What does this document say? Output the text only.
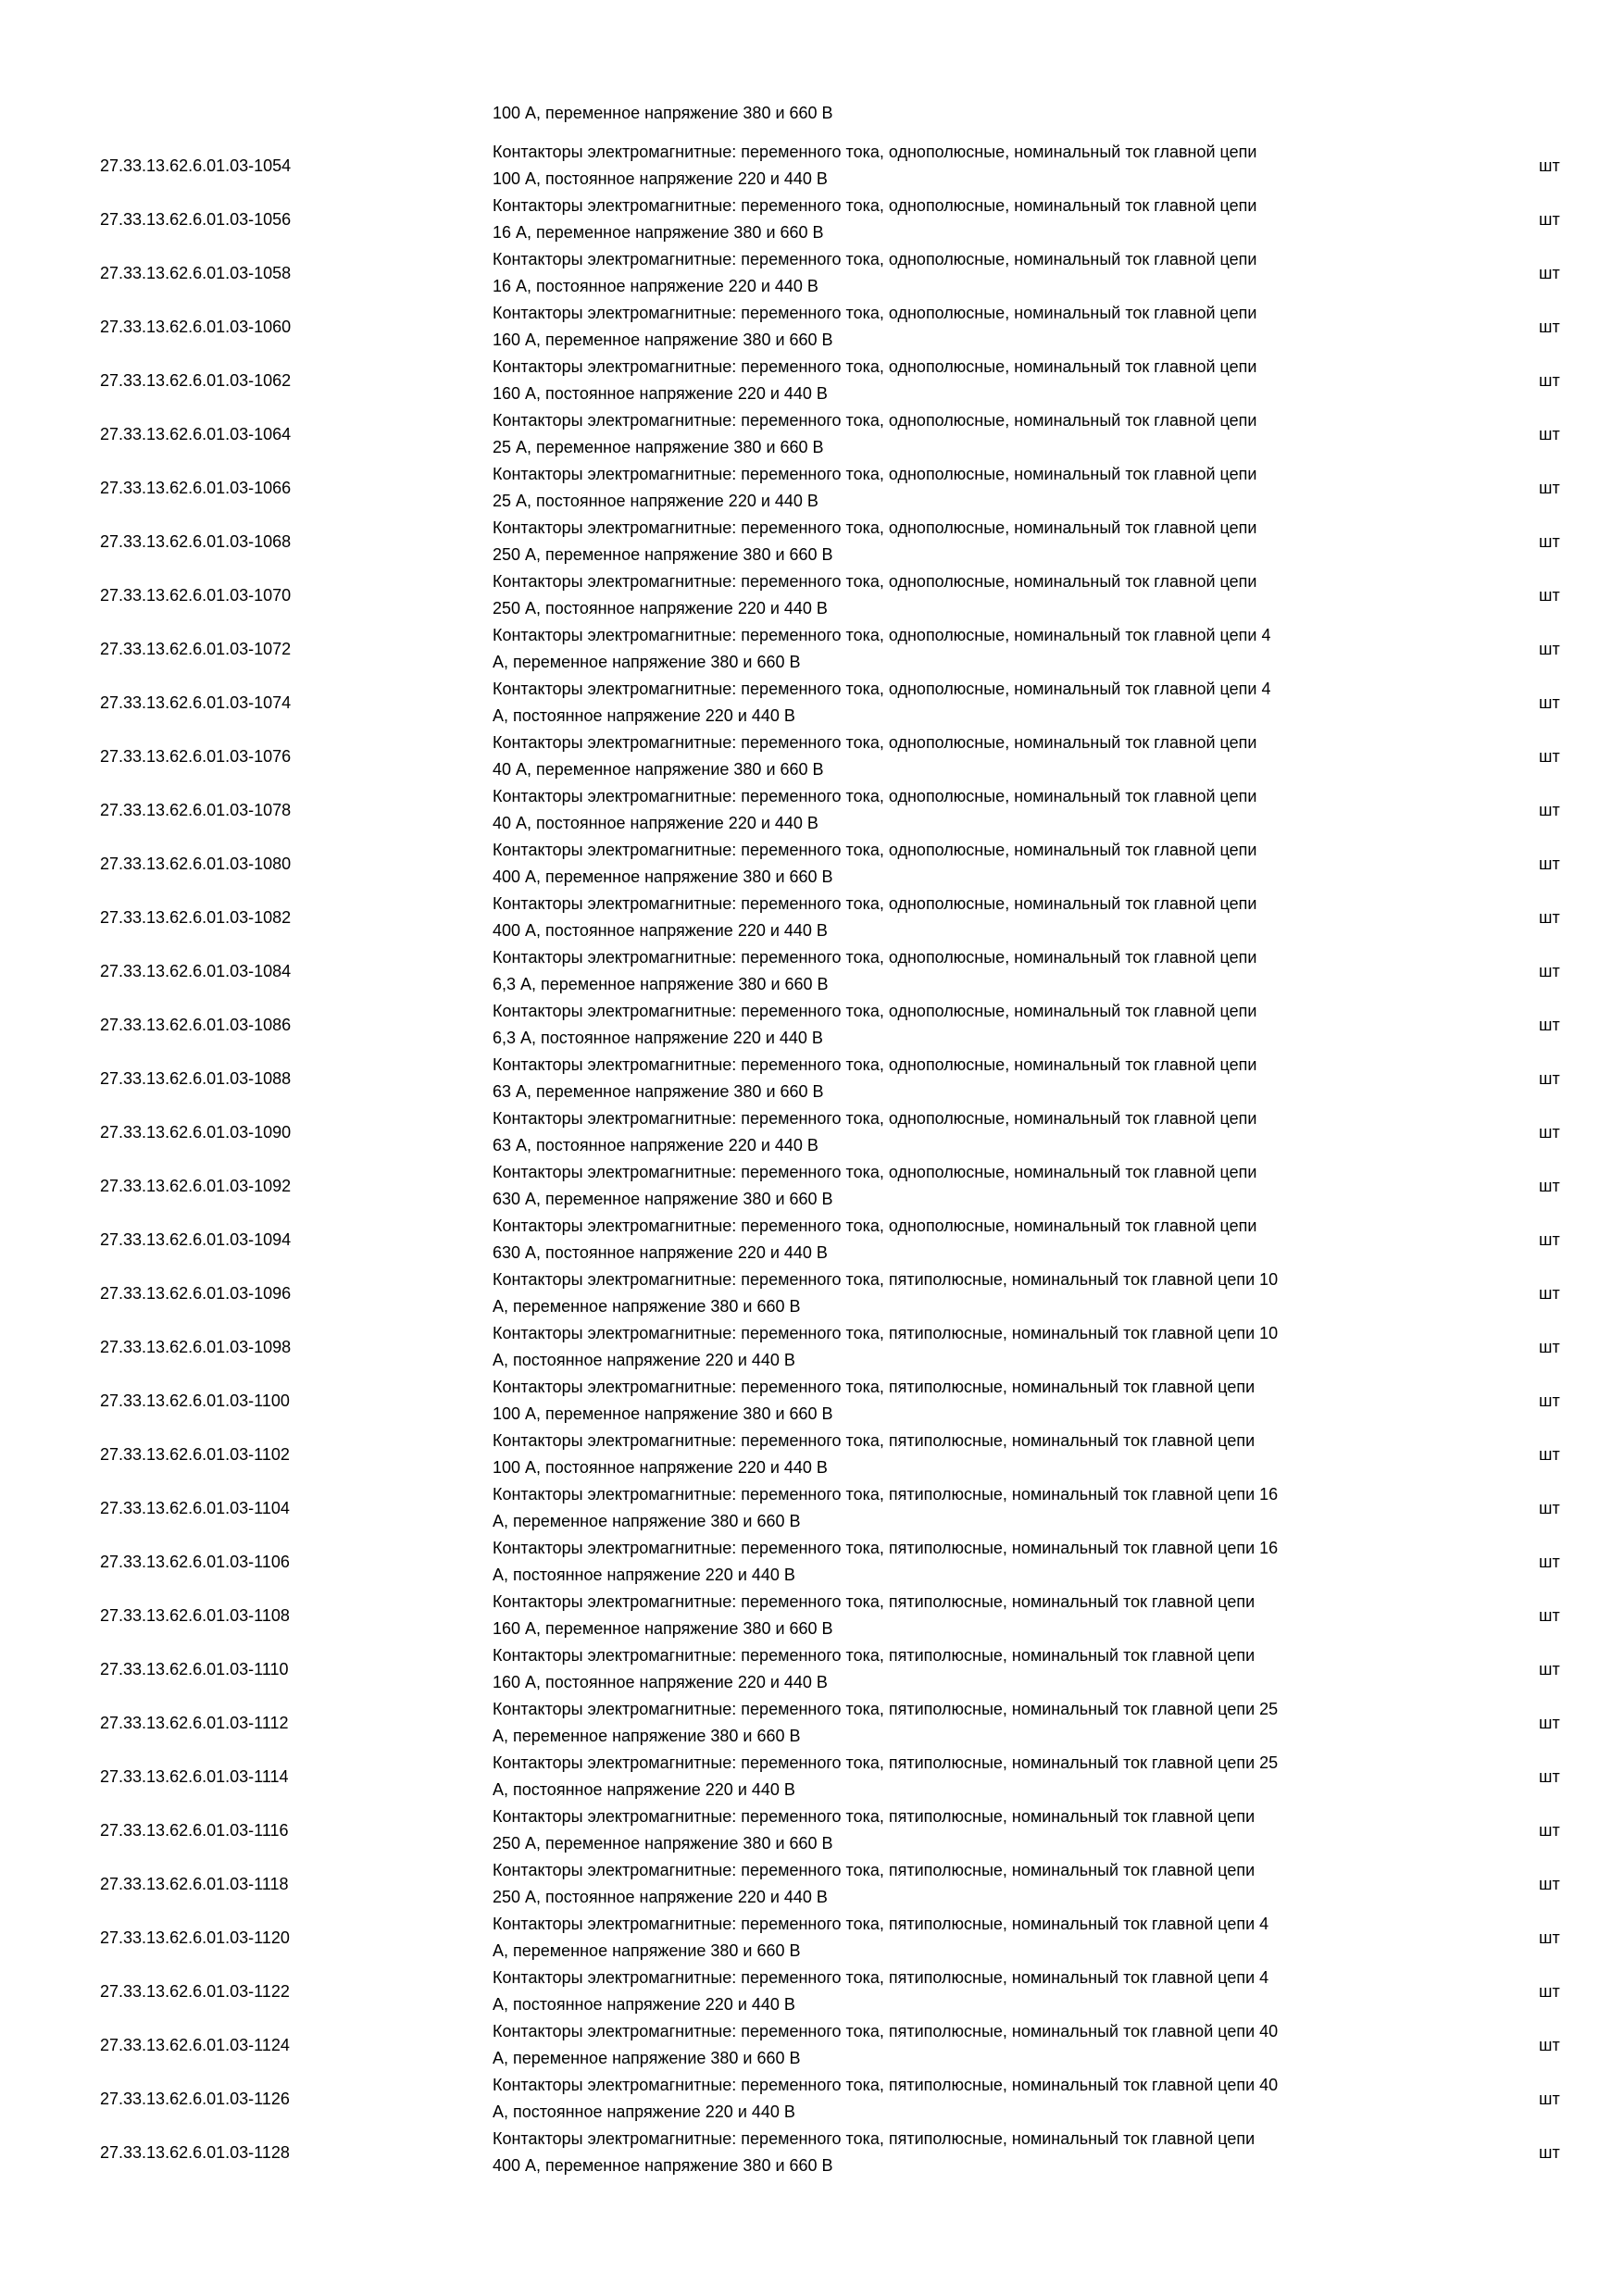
100 А, переменное напряжение 380 и 660 В
27.33.13.62.6.01.03-1054
Контакторы электромагнитные: переменного тока, однополюсные, номинальный ток главной цепи
100 А, постоянное напряжение 220 и 440 В
шт
27.33.13.62.6.01.03-1056
Контакторы электромагнитные: переменного тока, однополюсные, номинальный ток главной цепи
16 А, переменное напряжение 380 и 660 В
шт
27.33.13.62.6.01.03-1058
Контакторы электромагнитные: переменного тока, однополюсные, номинальный ток главной цепи
16 А, постоянное напряжение 220 и 440 В
шт
27.33.13.62.6.01.03-1060
Контакторы электромагнитные: переменного тока, однополюсные, номинальный ток главной цепи
160 А, переменное напряжение 380 и 660 В
шт
27.33.13.62.6.01.03-1062
Контакторы электромагнитные: переменного тока, однополюсные, номинальный ток главной цепи
160 А, постоянное напряжение 220 и 440 В
шт
27.33.13.62.6.01.03-1064
Контакторы электромагнитные: переменного тока, однополюсные, номинальный ток главной цепи
25 А, переменное напряжение 380 и 660 В
шт
27.33.13.62.6.01.03-1066
Контакторы электромагнитные: переменного тока, однополюсные, номинальный ток главной цепи
25 А, постоянное напряжение 220 и 440 В
шт
27.33.13.62.6.01.03-1068
Контакторы электромагнитные: переменного тока, однополюсные, номинальный ток главной цепи
250 А, переменное напряжение 380 и 660 В
шт
27.33.13.62.6.01.03-1070
Контакторы электромагнитные: переменного тока, однополюсные, номинальный ток главной цепи
250 А, постоянное напряжение 220 и 440 В
шт
27.33.13.62.6.01.03-1072
Контакторы электромагнитные: переменного тока, однополюсные, номинальный ток главной цепи 4
А, переменное напряжение 380 и 660 В
шт
27.33.13.62.6.01.03-1074
Контакторы электромагнитные: переменного тока, однополюсные, номинальный ток главной цепи 4
А, постоянное напряжение 220 и 440 В
шт
27.33.13.62.6.01.03-1076
Контакторы электромагнитные: переменного тока, однополюсные, номинальный ток главной цепи
40 А, переменное напряжение 380 и 660 В
шт
27.33.13.62.6.01.03-1078
Контакторы электромагнитные: переменного тока, однополюсные, номинальный ток главной цепи
40 А, постоянное напряжение 220 и 440 В
шт
27.33.13.62.6.01.03-1080
Контакторы электромагнитные: переменного тока, однополюсные, номинальный ток главной цепи
400 А, переменное напряжение 380 и 660 В
шт
27.33.13.62.6.01.03-1082
Контакторы электромагнитные: переменного тока, однополюсные, номинальный ток главной цепи
400 А, постоянное напряжение 220 и 440 В
шт
27.33.13.62.6.01.03-1084
Контакторы электромагнитные: переменного тока, однополюсные, номинальный ток главной цепи
6,3 А, переменное напряжение 380 и 660 В
шт
27.33.13.62.6.01.03-1086
Контакторы электромагнитные: переменного тока, однополюсные, номинальный ток главной цепи
6,3 А, постоянное напряжение 220 и 440 В
шт
27.33.13.62.6.01.03-1088
Контакторы электромагнитные: переменного тока, однополюсные, номинальный ток главной цепи
63 А, переменное напряжение 380 и 660 В
шт
27.33.13.62.6.01.03-1090
Контакторы электромагнитные: переменного тока, однополюсные, номинальный ток главной цепи
63 А, постоянное напряжение 220 и 440 В
шт
27.33.13.62.6.01.03-1092
Контакторы электромагнитные: переменного тока, однополюсные, номинальный ток главной цепи
630 А, переменное напряжение 380 и 660 В
шт
27.33.13.62.6.01.03-1094
Контакторы электромагнитные: переменного тока, однополюсные, номинальный ток главной цепи
630 А, постоянное напряжение 220 и 440 В
шт
27.33.13.62.6.01.03-1096
Контакторы электромагнитные: переменного тока, пятиполюсные, номинальный ток главной цепи 10
А, переменное напряжение 380 и 660 В
шт
27.33.13.62.6.01.03-1098
Контакторы электромагнитные: переменного тока, пятиполюсные, номинальный ток главной цепи 10
А, постоянное напряжение 220 и 440 В
шт
27.33.13.62.6.01.03-1100
Контакторы электромагнитные: переменного тока, пятиполюсные, номинальный ток главной цепи
100 А, переменное напряжение 380 и 660 В
шт
27.33.13.62.6.01.03-1102
Контакторы электромагнитные: переменного тока, пятиполюсные, номинальный ток главной цепи
100 А, постоянное напряжение 220 и 440 В
шт
27.33.13.62.6.01.03-1104
Контакторы электромагнитные: переменного тока, пятиполюсные, номинальный ток главной цепи 16
А, переменное напряжение 380 и 660 В
шт
27.33.13.62.6.01.03-1106
Контакторы электромагнитные: переменного тока, пятиполюсные, номинальный ток главной цепи 16
А, постоянное напряжение 220 и 440 В
шт
27.33.13.62.6.01.03-1108
Контакторы электромагнитные: переменного тока, пятиполюсные, номинальный ток главной цепи
160 А, переменное напряжение 380 и 660 В
шт
27.33.13.62.6.01.03-1110
Контакторы электромагнитные: переменного тока, пятиполюсные, номинальный ток главной цепи
160 А, постоянное напряжение 220 и 440 В
шт
27.33.13.62.6.01.03-1112
Контакторы электромагнитные: переменного тока, пятиполюсные, номинальный ток главной цепи 25
А, переменное напряжение 380 и 660 В
шт
27.33.13.62.6.01.03-1114
Контакторы электромагнитные: переменного тока, пятиполюсные, номинальный ток главной цепи 25
А, постоянное напряжение 220 и 440 В
шт
27.33.13.62.6.01.03-1116
Контакторы электромагнитные: переменного тока, пятиполюсные, номинальный ток главной цепи
250 А, переменное напряжение 380 и 660 В
шт
27.33.13.62.6.01.03-1118
Контакторы электромагнитные: переменного тока, пятиполюсные, номинальный ток главной цепи
250 А, постоянное напряжение 220 и 440 В
шт
27.33.13.62.6.01.03-1120
Контакторы электромагнитные: переменного тока, пятиполюсные, номинальный ток главной цепи 4
А, переменное напряжение 380 и 660 В
шт
27.33.13.62.6.01.03-1122
Контакторы электромагнитные: переменного тока, пятиполюсные, номинальный ток главной цепи 4
А, постоянное напряжение 220 и 440 В
шт
27.33.13.62.6.01.03-1124
Контакторы электромагнитные: переменного тока, пятиполюсные, номинальный ток главной цепи 40
А, переменное напряжение 380 и 660 В
шт
27.33.13.62.6.01.03-1126
Контакторы электромагнитные: переменного тока, пятиполюсные, номинальный ток главной цепи 40
А, постоянное напряжение 220 и 440 В
шт
27.33.13.62.6.01.03-1128
Контакторы электромагнитные: переменного тока, пятиполюсные, номинальный ток главной цепи
400 А, переменное напряжение 380 и 660 В
шт
